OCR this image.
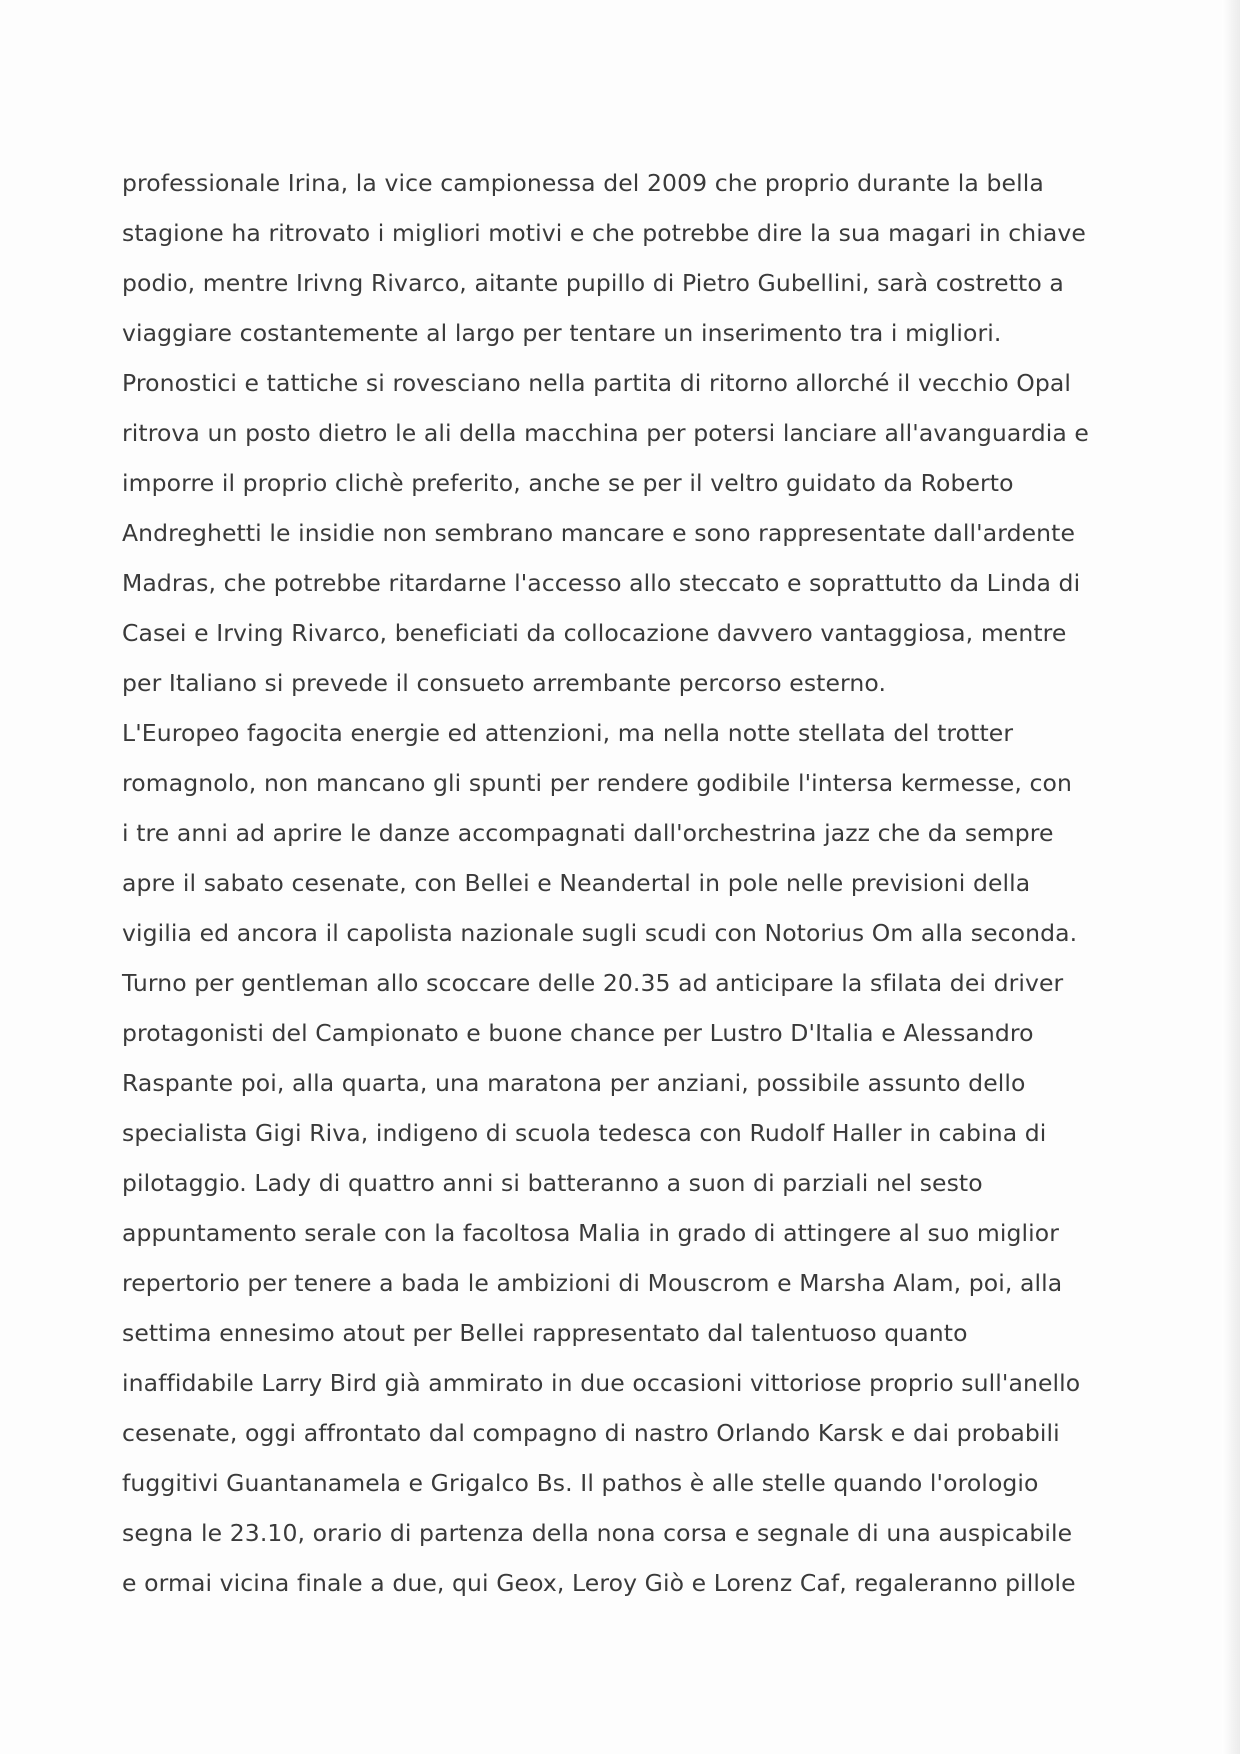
professionale Irina, la vice campionessa del 2009 che proprio durante la bella
stagione ha ritrovato i migliori motivi e che potrebbe dire la sua magari in chiave
podio, mentre Irivng Rivarco, aitante pupillo di Pietro Gubellini, sarà costretto a
viaggiare costantemente al largo per tentare un inserimento tra i migliori.
Pronostici e tattiche si rovesciano nella partita di ritorno allorché il vecchio Opal
ritrova un posto dietro le ali della macchina per potersi lanciare all'avanguardia e
imporre il proprio clichè preferito, anche se per il veltro guidato da Roberto
Andreghetti le insidie non sembrano mancare e sono rappresentate dall'ardente
Madras, che potrebbe ritardarne l'accesso allo steccato e soprattutto da Linda di
Casei e Irving Rivarco, beneficiati da collocazione davvero vantaggiosa, mentre
per Italiano si prevede il consueto arrembante percorso esterno.
L'Europeo fagocita energie ed attenzioni, ma nella notte stellata del trotter
romagnolo, non mancano gli spunti per rendere godibile l'intersa kermesse, con
i tre anni ad aprire le danze accompagnati dall'orchestrina jazz che da sempre
apre il sabato cesenate, con Bellei e Neandertal in pole nelle previsioni della
vigilia ed ancora il capolista nazionale sugli scudi con Notorius Om alla seconda.
Turno per gentleman allo scoccare delle 20.35 ad anticipare la sfilata dei driver
protagonisti del Campionato e buone chance per Lustro D'Italia e Alessandro
Raspante poi, alla quarta, una maratona per anziani, possibile assunto dello
specialista Gigi Riva, indigeno di scuola tedesca con Rudolf Haller in cabina di
pilotaggio. Lady di quattro anni si batteranno a suon di parziali nel sesto
appuntamento serale con la facoltosa Malia in grado di attingere al suo miglior
repertorio per tenere a bada le ambizioni di Mouscrom e Marsha Alam, poi, alla
settima ennesimo atout per Bellei rappresentato dal talentuoso quanto
inaffidabile Larry Bird già ammirato in due occasioni vittoriose proprio sull'anello
cesenate, oggi affrontato dal compagno di nastro Orlando Karsk e dai probabili
fuggitivi Guantanamela e Grigalco Bs. Il pathos è alle stelle quando l'orologio
segna le 23.10, orario di partenza della nona corsa e segnale di una auspicabile
e ormai vicina finale a due, qui Geox, Leroy Giò e Lorenz Caf, regaleranno pillole
